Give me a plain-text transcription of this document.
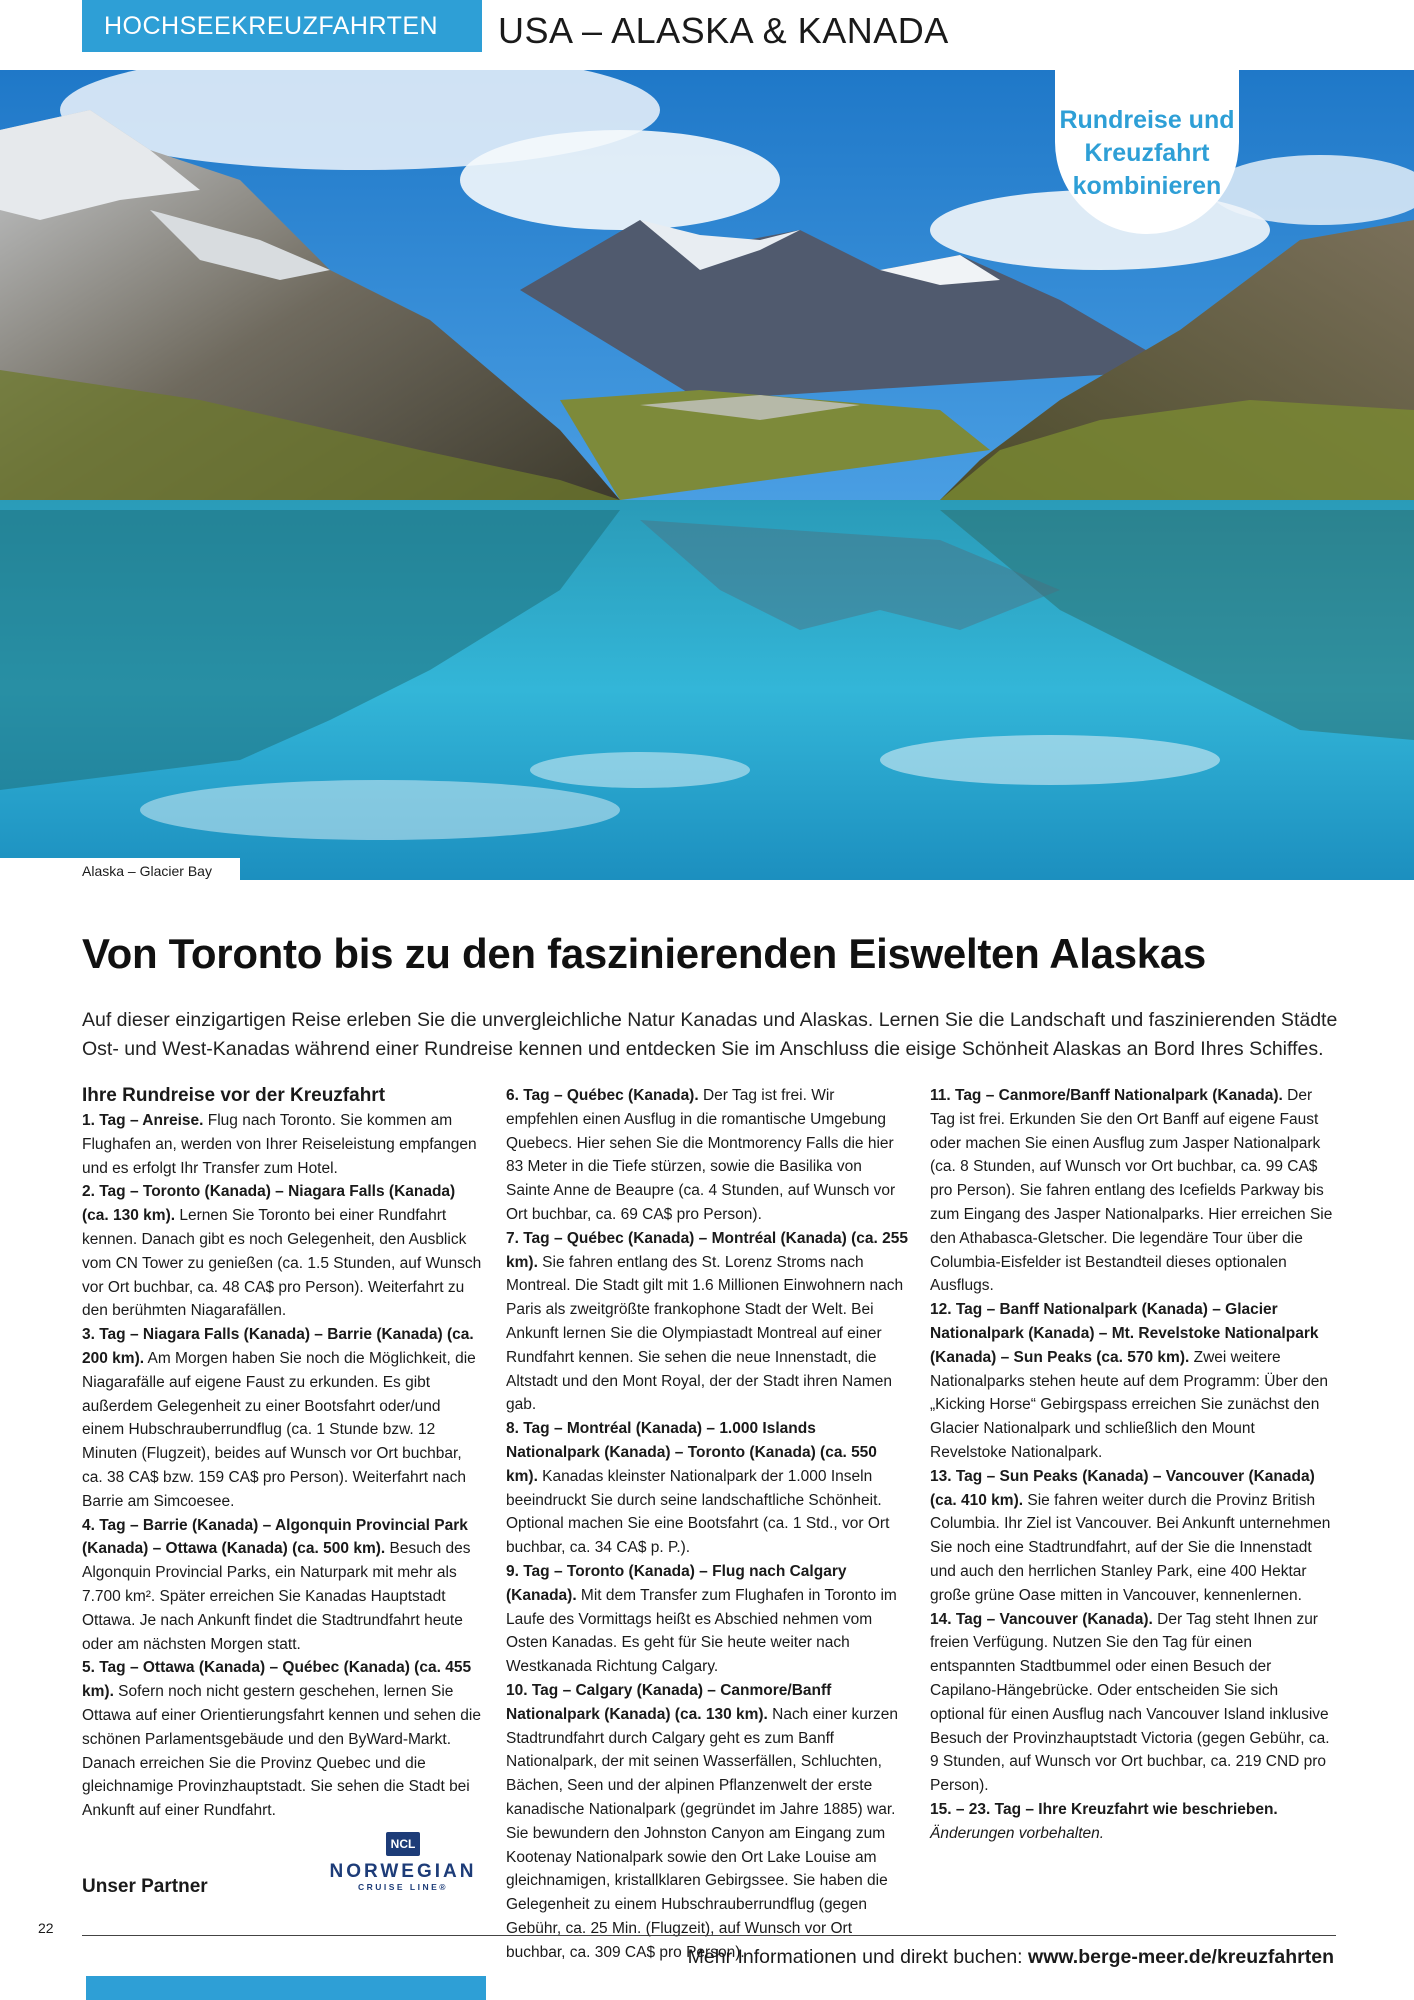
HOCHSEEKREUZFAHRTEN	USA – ALASKA & KANADA
Rundreise und
Kreuzfahrt
kombinieren
Alaska – Glacier Bay
Von Toronto bis zu den faszinierenden Eiswelten Alaskas

Auf dieser einzigartigen Reise erleben Sie die unvergleichliche Natur Kanadas und Alaskas. Lernen Sie die Landschaft und faszinierenden Städte Ost- und West-Kanadas während einer Rundreise kennen und entdecken Sie im Anschluss die eisige Schönheit Alaskas an Bord Ihres Schiffes.

Ihre Rundreise vor der Kreuzfahrt

1. Tag – Anreise. Flug nach Toronto. Sie kommen am Flughafen an, werden von Ihrer Reiseleistung empfangen und es erfolgt Ihr Transfer zum Hotel.

2. Tag – Toronto (Kanada) – Niagara Falls (Kanada) (ca. 130 km). Lernen Sie Toronto bei einer Rundfahrt kennen. Danach gibt es noch Gelegenheit, den Ausblick vom CN Tower zu genießen (ca. 1.5 Stunden, auf Wunsch vor Ort buchbar, ca. 48 CA$ pro Person). Weiterfahrt zu den berühmten Niagarafällen.

3. Tag – Niagara Falls (Kanada) – Barrie (Kanada) (ca. 200 km). Am Morgen haben Sie noch die Möglichkeit, die Niagarafälle auf eigene Faust zu erkunden. Es gibt außerdem Gelegenheit zu einer Bootsfahrt oder/und einem Hubschrauberrundflug (ca. 1 Stunde bzw. 12 Minuten (Flugzeit), beides auf Wunsch vor Ort buchbar, ca. 38 CA$ bzw. 159 CA$ pro Person). Weiterfahrt nach Barrie am Simcoesee.

4. Tag – Barrie (Kanada) – Algonquin Provincial Park (Kanada) – Ottawa (Kanada) (ca. 500 km). Besuch des Algonquin Provincial Parks, ein Naturpark mit mehr als 7.700 km². Später erreichen Sie Kanadas Hauptstadt Ottawa. Je nach Ankunft findet die Stadtrundfahrt heute oder am nächsten Morgen statt.

5. Tag – Ottawa (Kanada) – Québec (Kanada) (ca. 455 km). Sofern noch nicht gestern geschehen, lernen Sie Ottawa auf einer Orientierungsfahrt kennen und sehen die schönen Parlamentsgebäude und den ByWard-Markt. Danach erreichen Sie die Provinz Quebec und die gleichnamige Provinzhauptstadt. Sie sehen die Stadt bei Ankunft auf einer Rundfahrt.

6. Tag – Québec (Kanada). Der Tag ist frei. Wir empfehlen einen Ausflug in die romantische Umgebung Quebecs. Hier sehen Sie die Montmorency Falls die hier 83 Meter in die Tiefe stürzen, sowie die Basilika von Sainte Anne de Beaupre (ca. 4 Stunden, auf Wunsch vor Ort buchbar, ca. 69 CA$ pro Person).

7. Tag – Québec (Kanada) – Montréal (Kanada) (ca. 255 km). Sie fahren entlang des St. Lorenz Stroms nach Montreal. Die Stadt gilt mit 1.6 Millionen Einwohnern nach Paris als zweitgrößte frankophone Stadt der Welt. Bei Ankunft lernen Sie die Olympiastadt Montreal auf einer Rundfahrt kennen. Sie sehen die neue Innenstadt, die Altstadt und den Mont Royal, der der Stadt ihren Namen gab.

8. Tag – Montréal (Kanada) – 1.000 Islands Nationalpark (Kanada) – Toronto (Kanada) (ca. 550 km). Kanadas kleinster Nationalpark der 1.000 Inseln beeindruckt Sie durch seine landschaftliche Schönheit. Optional machen Sie eine Bootsfahrt (ca. 1 Std., vor Ort buchbar, ca. 34 CA$ p. P.).

9. Tag – Toronto (Kanada) – Flug nach Calgary (Kanada). Mit dem Transfer zum Flughafen in Toronto im Laufe des Vormittags heißt es Abschied nehmen vom Osten Kanadas. Es geht für Sie heute weiter nach Westkanada Richtung Calgary.

10. Tag – Calgary (Kanada) – Canmore/Banff Nationalpark (Kanada) (ca. 130 km). Nach einer kurzen Stadtrundfahrt durch Calgary geht es zum Banff Nationalpark, der mit seinen Wasserfällen, Schluchten, Bächen, Seen und der alpinen Pflanzenwelt der erste kanadische Nationalpark (gegründet im Jahre 1885) war. Sie bewundern den Johnston Canyon am Eingang zum Kootenay Nationalpark sowie den Ort Lake Louise am gleichnamigen, kristallklaren Gebirgssee. Sie haben die Gelegenheit zu einem Hubschrauberrundflug (gegen Gebühr, ca. 25 Min. (Flugzeit), auf Wunsch vor Ort buchbar, ca. 309 CA$ pro Person).

11. Tag – Canmore/Banff Nationalpark (Kanada). Der Tag ist frei. Erkunden Sie den Ort Banff auf eigene Faust oder machen Sie einen Ausflug zum Jasper Nationalpark (ca. 8 Stunden, auf Wunsch vor Ort buchbar, ca. 99 CA$ pro Person). Sie fahren entlang des Icefields Parkway bis zum Eingang des Jasper Nationalparks. Hier erreichen Sie den Athabasca-Gletscher. Die legendäre Tour über die Columbia-Eisfelder ist Bestandteil dieses optionalen Ausflugs.

12. Tag – Banff Nationalpark (Kanada) – Glacier Nationalpark (Kanada) – Mt. Revelstoke Nationalpark (Kanada) – Sun Peaks (ca. 570 km). Zwei weitere Nationalparks stehen heute auf dem Programm: Über den „Kicking Horse“ Gebirgspass erreichen Sie zunächst den Glacier Nationalpark und schließlich den Mount Revelstoke Nationalpark.

13. Tag – Sun Peaks (Kanada) – Vancouver (Kanada) (ca. 410 km). Sie fahren weiter durch die Provinz British Columbia. Ihr Ziel ist Vancouver. Bei Ankunft unternehmen Sie noch eine Stadtrundfahrt, auf der Sie die Innenstadt und auch den herrlichen Stanley Park, eine 400 Hektar große grüne Oase mitten in Vancouver, kennenlernen.

14. Tag – Vancouver (Kanada). Der Tag steht Ihnen zur freien Verfügung. Nutzen Sie den Tag für einen entspannten Stadtbummel oder einen Besuch der Capilano-Hängebrücke. Oder entscheiden Sie sich optional für einen Ausflug nach Vancouver Island inklusive Besuch der Provinzhauptstadt Victoria (gegen Gebühr, ca. 9 Stunden, auf Wunsch vor Ort buchbar, ca. 219 CND pro Person).

15. – 23. Tag – Ihre Kreuzfahrt wie beschrieben.

Änderungen vorbehalten.

Unser Partner
NCL
NORWEGIAN
CRUISE LINE®
22
Mehr Informationen und direkt buchen: www.berge-meer.de/kreuzfahrten
